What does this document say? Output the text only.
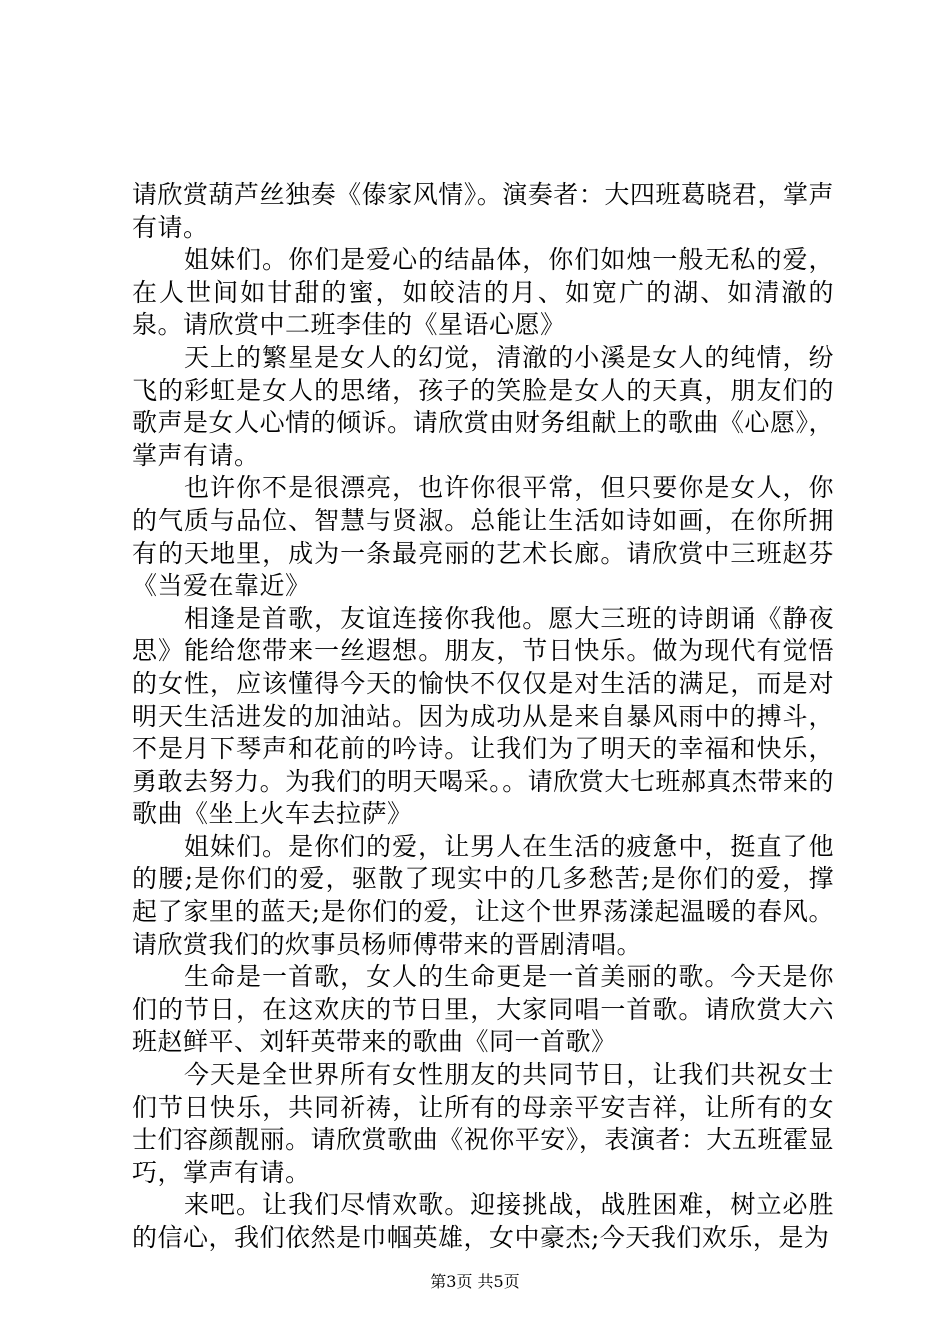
请欣赏葫芦丝独奏《傣家风情》。演奏者：大四班葛晓君，掌声有请。

姐妹们。你们是爱心的结晶体，你们如烛一般无私的爱，在人世间如甘甜的蜜，如皎洁的月、如宽广的湖、如清澈的泉。请欣赏中二班李佳的《星语心愿》

天上的繁星是女人的幻觉，清澈的小溪是女人的纯情，纷飞的彩虹是女人的思绪，孩子的笑脸是女人的天真，朋友们的歌声是女人心情的倾诉。请欣赏由财务组献上的歌曲《心愿》，掌声有请。

也许你不是很漂亮，也许你很平常，但只要你是女人，你的气质与品位、智慧与贤淑。总能让生活如诗如画，在你所拥有的天地里，成为一条最亮丽的艺术长廊。请欣赏中三班赵芬《当爱在靠近》

相逢是首歌，友谊连接你我他。愿大三班的诗朗诵《静夜思》能给您带来一丝遐想。朋友，节日快乐。做为现代有觉悟的女性，应该懂得今天的愉快不仅仅是对生活的满足，而是对明天生活进发的加油站。因为成功从是来自暴风雨中的搏斗，不是月下琴声和花前的吟诗。让我们为了明天的幸福和快乐，勇敢去努力。为我们的明天喝采。。请欣赏大七班郝真杰带来的歌曲《坐上火车去拉萨》

姐妹们。是你们的爱，让男人在生活的疲惫中，挺直了他的腰;是你们的爱，驱散了现实中的几多愁苦;是你们的爱，撑起了家里的蓝天;是你们的爱，让这个世界荡漾起温暖的春风。请欣赏我们的炊事员杨师傅带来的晋剧清唱。

生命是一首歌，女人的生命更是一首美丽的歌。今天是你们的节日，在这欢庆的节日里，大家同唱一首歌。请欣赏大六班赵鲜平、刘轩英带来的歌曲《同一首歌》

今天是全世界所有女性朋友的共同节日，让我们共祝女士们节日快乐，共同祈祷，让所有的母亲平安吉祥，让所有的女士们容颜靓丽。请欣赏歌曲《祝你平安》，表演者：大五班霍显巧，掌声有请。

来吧。让我们尽情欢歌。迎接挑战，战胜困难，树立必胜的信心，我们依然是巾帼英雄，女中豪杰;今天我们欢乐，是为

第3页 共5页
